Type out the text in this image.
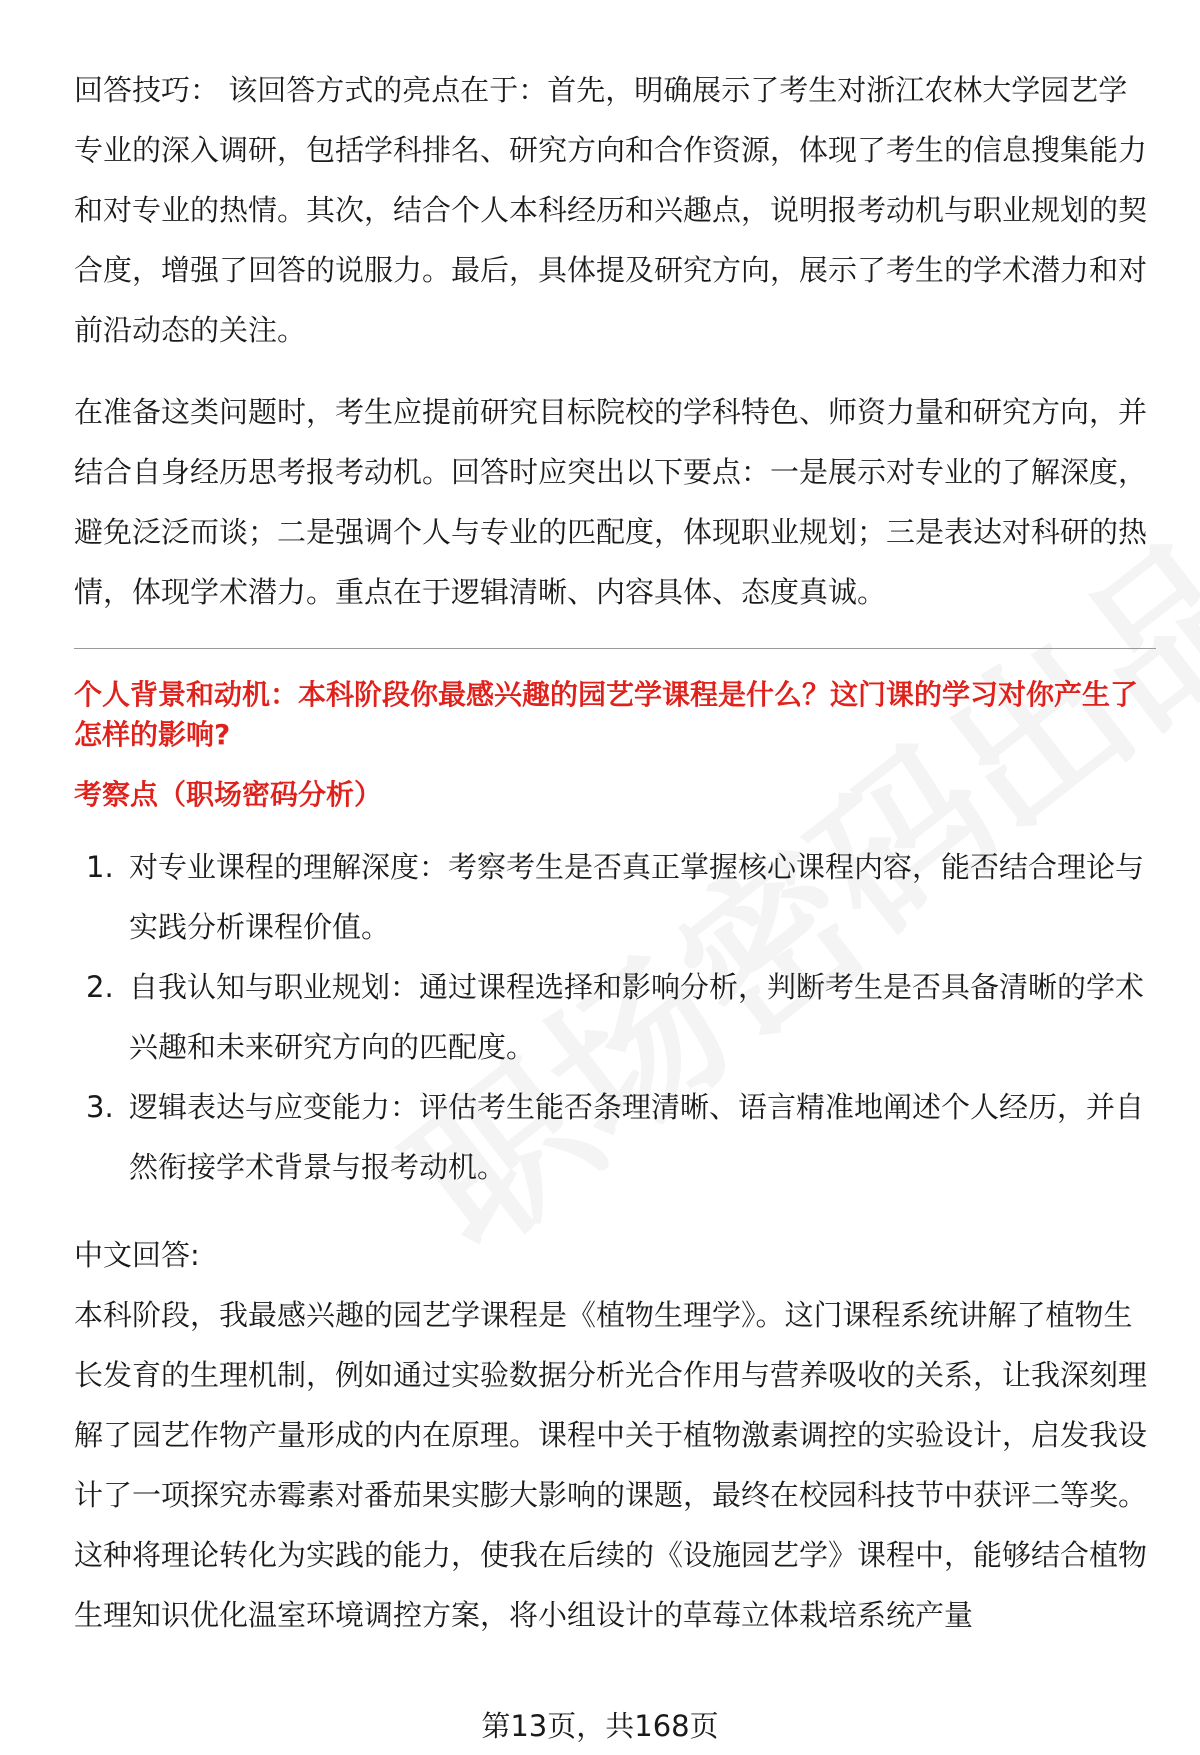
回答技巧： 该回答方式的亮点在于：首先，明确展示了考生对浙江农林大学园艺学专业的深入调研，包括学科排名、研究方向和合作资源，体现了考生的信息搜集能力和对专业的热情。其次，结合个人本科经历和兴趣点，说明报考动机与职业规划的契合度，增强了回答的说服力。最后，具体提及研究方向，展示了考生的学术潜力和对前沿动态的关注。

在准备这类问题时，考生应提前研究目标院校的学科特色、师资力量和研究方向，并结合自身经历思考报考动机。回答时应突出以下要点：一是展示对专业的了解深度，避免泛泛而谈；二是强调个人与专业的匹配度，体现职业规划；三是表达对科研的热情，体现学术潜力。重点在于逻辑清晰、内容具体、态度真诚。

个人背景和动机：本科阶段你最感兴趣的园艺学课程是什么？这门课的学习对你产生了怎样的影响?
考察点（职场密码分析）
1. 对专业课程的理解深度：考察考生是否真正掌握核心课程内容，能否结合理论与实践分析课程价值。
2. 自我认知与职业规划：通过课程选择和影响分析，判断考生是否具备清晰的学术兴趣和未来研究方向的匹配度。
3. 逻辑表达与应变能力：评估考生能否条理清晰、语言精准地阐述个人经历，并自然衔接学术背景与报考动机。

中文回答:

本科阶段，我最感兴趣的园艺学课程是《植物生理学》。这门课程系统讲解了植物生长发育的生理机制，例如通过实验数据分析光合作用与营养吸收的关系，让我深刻理解了园艺作物产量形成的内在原理。课程中关于植物激素调控的实验设计，启发我设计了一项探究赤霉素对番茄果实膨大影响的课题，最终在校园科技节中获评二等奖。这种将理论转化为实践的能力，使我在后续的《设施园艺学》课程中，能够结合植物生理知识优化温室环境调控方案，将小组设计的草莓立体栽培系统产量

第13页，共168页
